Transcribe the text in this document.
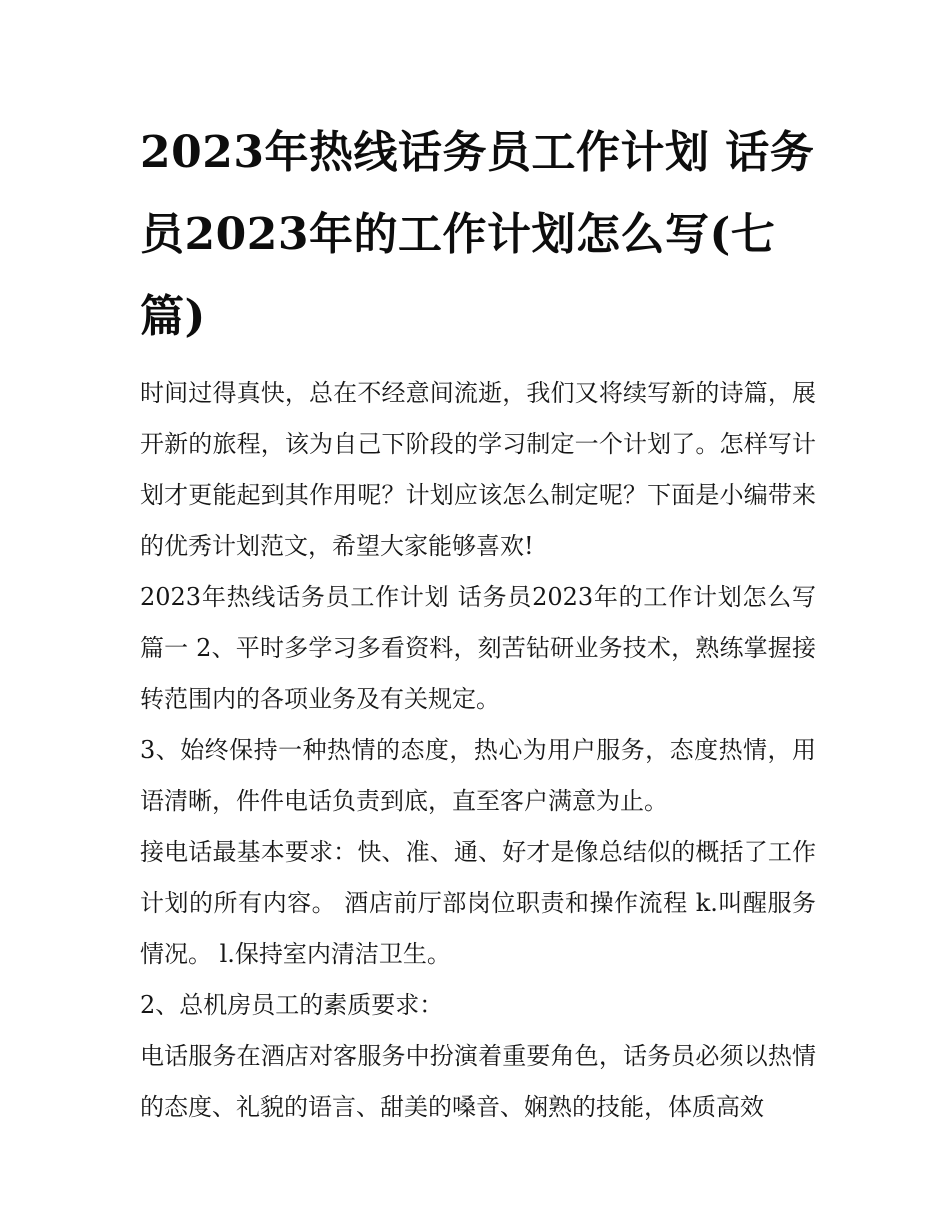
2023年热线话务员工作计划 话务员2023年的工作计划怎么写(七篇)

时间过得真快，总在不经意间流逝，我们又将续写新的诗篇，展开新的旅程，该为自己下阶段的学习制定一个计划了。怎样写计划才更能起到其作用呢？计划应该怎么制定呢？下面是小编带来的优秀计划范文，希望大家能够喜欢!

2023年热线话务员工作计划 话务员2023年的工作计划怎么写篇一 2、平时多学习多看资料，刻苦钻研业务技术，熟练掌握接转范围内的各项业务及有关规定。

3、始终保持一种热情的态度，热心为用户服务，态度热情，用语清晰，件件电话负责到底，直至客户满意为止。

接电话最基本要求：快、准、通、好才是像总结似的概括了工作计划的所有内容。 酒店前厅部岗位职责和操作流程 k.叫醒服务情况。 l.保持室内清洁卫生。

2、总机房员工的素质要求：

电话服务在酒店对客服务中扮演着重要角色，话务员必须以热情的态度、礼貌的语言、甜美的嗓音、娴熟的技能，体质高效
